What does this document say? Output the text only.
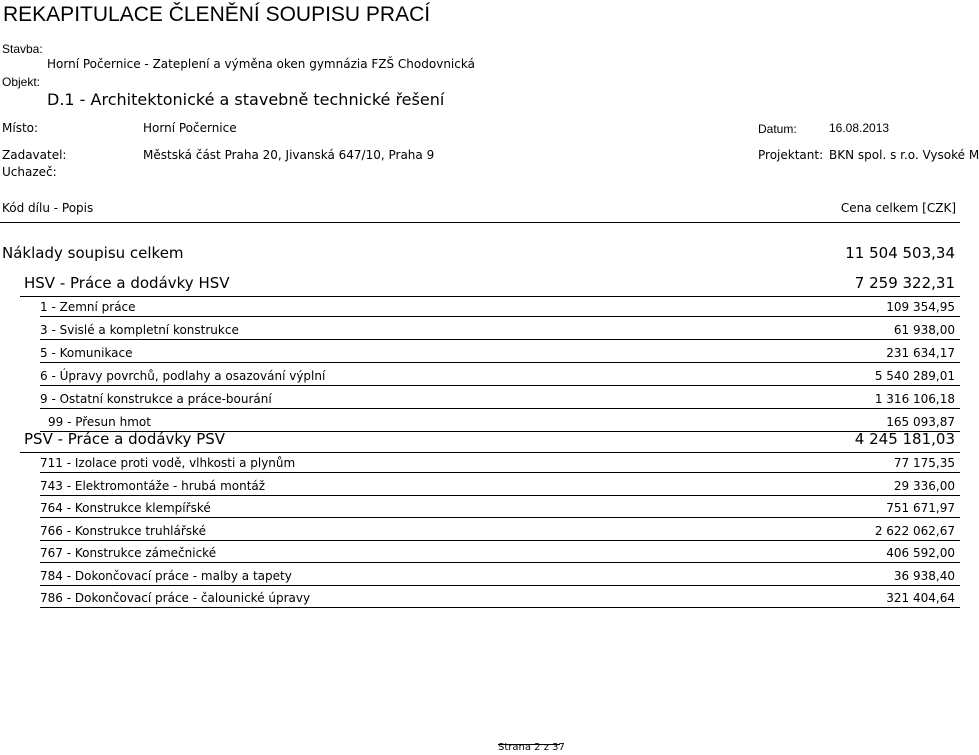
REKAPITULACE ČLENĚNÍ SOUPISU PRACÍ
Stavba:
Horní Počernice - Zateplení a výměna oken gymnázia FZŠ Chodovnická
Objekt:
D.1 - Architektonické a stavebně technické řešení
Místo:	Horní Počernice	Datum:	16.08.2013
Zadavatel:	Městská část Praha 20, Jivanská 647/10, Praha 9	Projektant: BKN spol. s r.o. Vysoké M
Uchazeč:
Kód dílu - Popis	Cena celkem [CZK]
Náklady soupisu celkem	11 504 503,34
HSV - Práce a dodávky HSV	7 259 322,31
1 - Zemní práce	109 354,95
3 - Svislé a kompletní konstrukce	61 938,00
5 - Komunikace	231 634,17
6 - Úpravy povrchů, podlahy a osazování výplní	5 540 289,01
9 - Ostatní konstrukce a práce-bourání	1 316 106,18
99 - Přesun hmot	165 093,87
PSV - Práce a dodávky PSV	4 245 181,03
711 - Izolace proti vodě, vlhkosti a plynům	77 175,35
743 - Elektromontáže - hrubá montáž	29 336,00
764 - Konstrukce klempířské	751 671,97
766 - Konstrukce truhlářské	2 622 062,67
767 - Konstrukce zámečnické	406 592,00
784 - Dokončovací práce - malby a tapety	36 938,40
786 - Dokončovací práce - čalounické úpravy	321 404,64
Strana 2 z 37
